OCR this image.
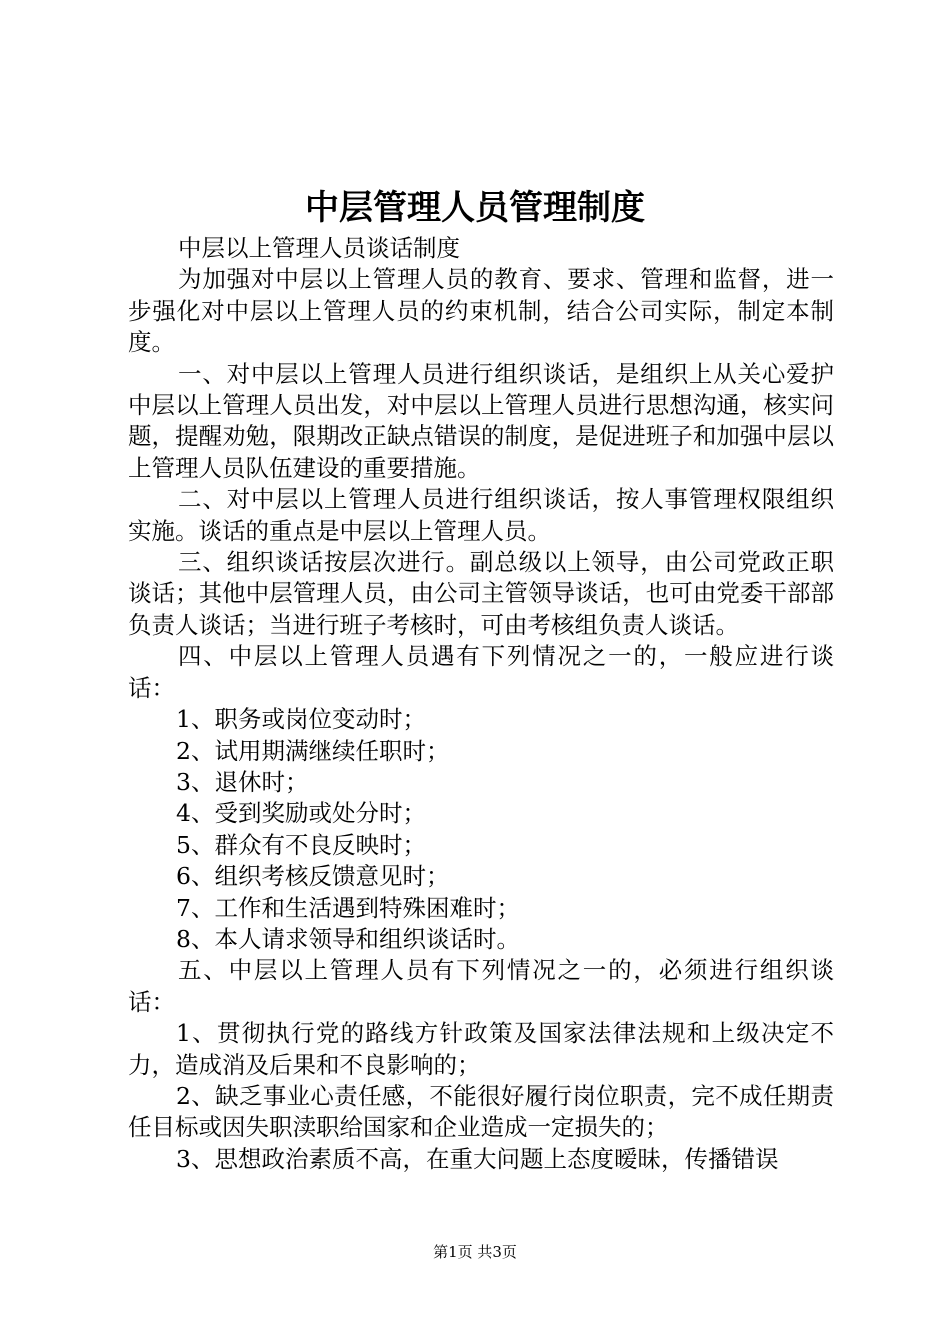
中层管理人员管理制度

中层以上管理人员谈话制度

为加强对中层以上管理人员的教育、要求、管理和监督，进一步强化对中层以上管理人员的约束机制，结合公司实际，制定本制度。

一、对中层以上管理人员进行组织谈话，是组织上从关心爱护中层以上管理人员出发，对中层以上管理人员进行思想沟通，核实问题，提醒劝勉，限期改正缺点错误的制度，是促进班子和加强中层以上管理人员队伍建设的重要措施。

二、对中层以上管理人员进行组织谈话，按人事管理权限组织实施。谈话的重点是中层以上管理人员。

三、组织谈话按层次进行。副总级以上领导，由公司党政正职谈话；其他中层管理人员，由公司主管领导谈话，也可由党委干部部负责人谈话；当进行班子考核时，可由考核组负责人谈话。

四、中层以上管理人员遇有下列情况之一的，一般应进行谈话：

1、职务或岗位变动时；

2、试用期满继续任职时；

3、退休时；

4、受到奖励或处分时；

5、群众有不良反映时；

6、组织考核反馈意见时；

7、工作和生活遇到特殊困难时；

8、本人请求领导和组织谈话时。

五、中层以上管理人员有下列情况之一的，必须进行组织谈话：

1、贯彻执行党的路线方针政策及国家法律法规和上级决定不力，造成消及后果和不良影响的；

2、缺乏事业心责任感，不能很好履行岗位职责，完不成任期责任目标或因失职渎职给国家和企业造成一定损失的；

3、思想政治素质不高，在重大问题上态度暧昧，传播错误

第1页 共3页
